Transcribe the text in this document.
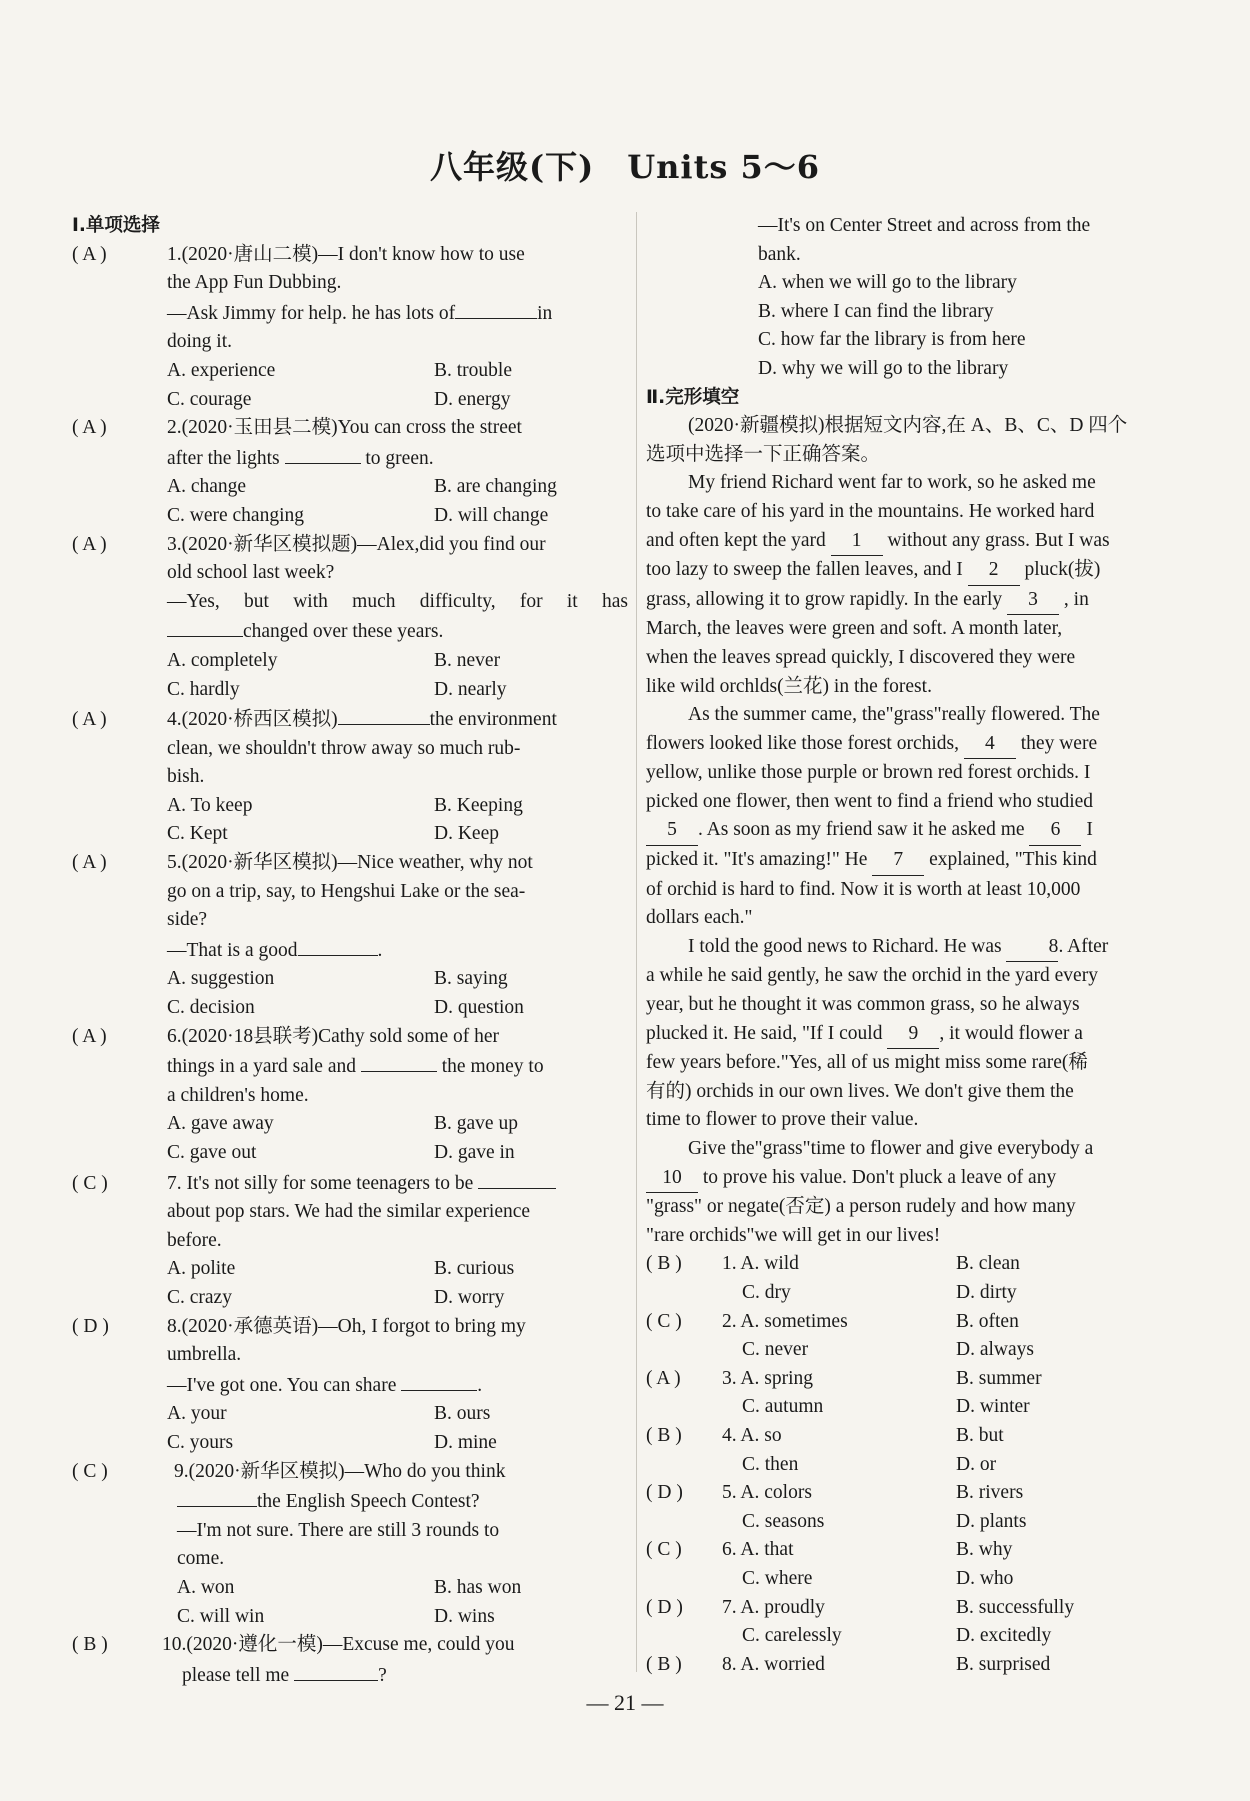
八年级(下)　Units 5～6
Ⅰ.单项选择
( A )	1.(2020·唐山二模)—I don't know how to use
the App Fun Dubbing.
—Ask Jimmy for help. he has lots of	in
doing it.
A. experience	B. trouble
C. courage	D. energy
( A )	2.(2020·玉田县二模)You can cross the street
after the lights	to green.
A. change	B. are changing
C. were changing	D. will change
( A )	3.(2020·新华区模拟题)—Alex,did you find our
old school last week?
—Yes, but with much difficulty, for it has
changed over these years.
A. completely	B. never
C. hardly	D. nearly
( A )	4.(2020·桥西区模拟)	the environment
clean, we shouldn't throw away so much rub-
bish.
A. To keep	B. Keeping
C. Kept	D. Keep
( A )	5.(2020·新华区模拟)—Nice weather, why not
go on a trip, say, to Hengshui Lake or the sea-
side?
—That is a good	.
A. suggestion	B. saying
C. decision	D. question
( A )	6.(2020·18县联考)Cathy sold some of her
things in a yard sale and	the money to
a children's home.
A. gave away	B. gave up
C. gave out	D. gave in
( C )	7. It's not silly for some teenagers to be
about pop stars. We had the similar experience
before.
A. polite	B. curious
C. crazy	D. worry
( D )	8.(2020·承德英语)—Oh, I forgot to bring my
umbrella.
—I've got one. You can share	.
A. your	B. ours
C. yours	D. mine
( C )	9.(2020·新华区模拟)—Who do you think
the English Speech Contest?
—I'm not sure. There are still 3 rounds to
come.
A. won	B. has won
C. will win	D. wins
( B )	10.(2020·遵化一模)—Excuse me, could you
please tell me	?
—It's on Center Street and across from the
bank.
A. when we will go to the library
B. where I can find the library
C. how far the library is from here
D. why we will go to the library
Ⅱ.完形填空
(2020·新疆模拟)根据短文内容,在 A、B、C、D 四个
选项中选择一下正确答案。
My friend Richard went far to work, so he asked me
to take care of his yard in the mountains. He worked hard
and often kept the yard 1 without any grass. But I was
too lazy to sweep the fallen leaves, and I 2 pluck(拔)
grass, allowing it to grow rapidly. In the early 3 , in
March, the leaves were green and soft. A month later,
when the leaves spread quickly, I discovered they were
like wild orchlds(兰花) in the forest.
As the summer came, the"grass"really flowered. The
flowers looked like those forest orchids, 4 they were
yellow, unlike those purple or brown red forest orchids. I
picked one flower, then went to find a friend who studied
5 . As soon as my friend saw it he asked me 6 I
picked it. "It's amazing!" He 7 explained, "This kind
of orchid is hard to find. Now it is worth at least 10,000
dollars each."
I told the good news to Richard. He was 8. After
a while he said gently, he saw the orchid in the yard every
year, but he thought it was common grass, so he always
plucked it. He said, "If I could 9 , it would flower a
few years before."Yes, all of us might miss some rare(稀
有的) orchids in our own lives. We don't give them the
time to flower to prove their value.
Give the"grass"time to flower and give everybody a
10 to prove his value. Don't pluck a leave of any
"grass" or negate(否定) a person rudely and how many
"rare orchids"we will get in our lives!
( B ) 1. A. wild	B. clean
C. dry	D. dirty
( C ) 2. A. sometimes	B. often
C. never	D. always
( A ) 3. A. spring	B. summer
C. autumn	D. winter
( B ) 4. A. so	B. but
C. then	D. or
( D ) 5. A. colors	B. rivers
C. seasons	D. plants
( C ) 6. A. that	B. why
C. where	D. who
( D ) 7. A. proudly	B. successfully
C. carelessly	D. excitedly
( B ) 8. A. worried	B. surprised
— 21 —
